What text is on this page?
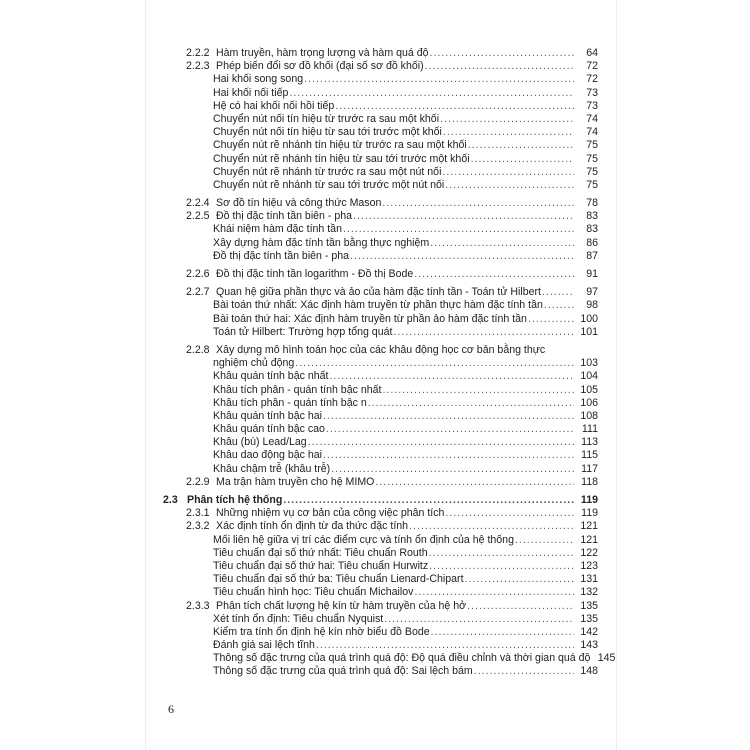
2.2.2 Hàm truyền, hàm trọng lượng và hàm quá độ .....	64
2.2.3 Phép biến đổi sơ đồ khối (đại số sơ đồ khối) .....	72
Hai khối song song .....	72
Hai khối nối tiếp .....	73
Hệ có hai khối nối hồi tiếp .....	73
Chuyển nút nối tín hiệu từ trước ra sau một khối .....	74
Chuyển nút nối tín hiệu từ sau tới trước một khối .....	74
Chuyển nút rẽ nhánh tín hiệu từ trước ra sau một khối .....	75
Chuyển nút rẽ nhánh tín hiệu từ sau tới trước một khối .....	75
Chuyển nút rẽ nhánh từ trước ra sau một nút nối .....	75
Chuyển nút rẽ nhánh từ sau tới trước một nút nối .....	75
2.2.4 Sơ đồ tín hiệu và công thức Mason .....	78
2.2.5 Đồ thị đặc tính tần biên - pha .....	83
Khái niệm hàm đặc tính tần .....	83
Xây dựng hàm đặc tính tần bằng thực nghiệm .....	86
Đồ thị đặc tính tần biên - pha .....	87
2.2.6 Đồ thị đặc tính tần logarithm - Đồ thị Bode .....	91
2.2.7 Quan hệ giữa phần thực và ảo của hàm đặc tính tần - Toán tử Hilbert .....	97
Bài toán thứ nhất: Xác định hàm truyền từ phần thực hàm đặc tính tần .....	98
Bài toán thứ hai: Xác định hàm truyền từ phần ảo hàm đặc tính tần .....	100
Toán tử Hilbert: Trường hợp tổng quát .....	101
2.2.8 Xây dựng mô hình toán học của các khâu động học cơ bản bằng thực
nghiệm chủ động .....	103
Khâu quán tính bậc nhất .....	104
Khâu tích phân - quán tính bậc nhất .....	105
Khâu tích phân - quán tính bậc n .....	106
Khâu quán tính bậc hai .....	108
Khâu quán tính bậc cao .....	111
Khâu (bù) Lead/Lag .....	113
Khâu dao động bậc hai .....	115
Khâu chậm trễ (khâu trễ) .....	117
2.2.9 Ma trận hàm truyền cho hệ MIMO .....	118
2.3 Phân tích hệ thống .....	119
2.3.1 Những nhiệm vụ cơ bản của công việc phân tích .....	119
2.3.2 Xác định tính ổn định từ đa thức đặc tính .....	121
Mối liên hệ giữa vị trí các điểm cực và tính ổn định của hệ thống .....	121
Tiêu chuẩn đại số thứ nhất: Tiêu chuẩn Routh .....	122
Tiêu chuẩn đại số thứ hai: Tiêu chuẩn Hurwitz .....	123
Tiêu chuẩn đại số thứ ba: Tiêu chuẩn Lienard-Chipart .....	131
Tiêu chuẩn hình học: Tiêu chuẩn Michailov .....	132
2.3.3 Phân tích chất lượng hệ kín từ hàm truyền của hệ hở .....	135
Xét tính ổn định: Tiêu chuẩn Nyquist .....	135
Kiểm tra tính ổn định hệ kín nhờ biểu đồ Bode .....	142
Đánh giá sai lệch tĩnh .....	143
Thông số đặc trưng của quá trình quá độ: Độ quá điều chỉnh và thời gian quá độ 145
Thông số đặc trưng của quá trình quá độ: Sai lệch bám .....	148
6
